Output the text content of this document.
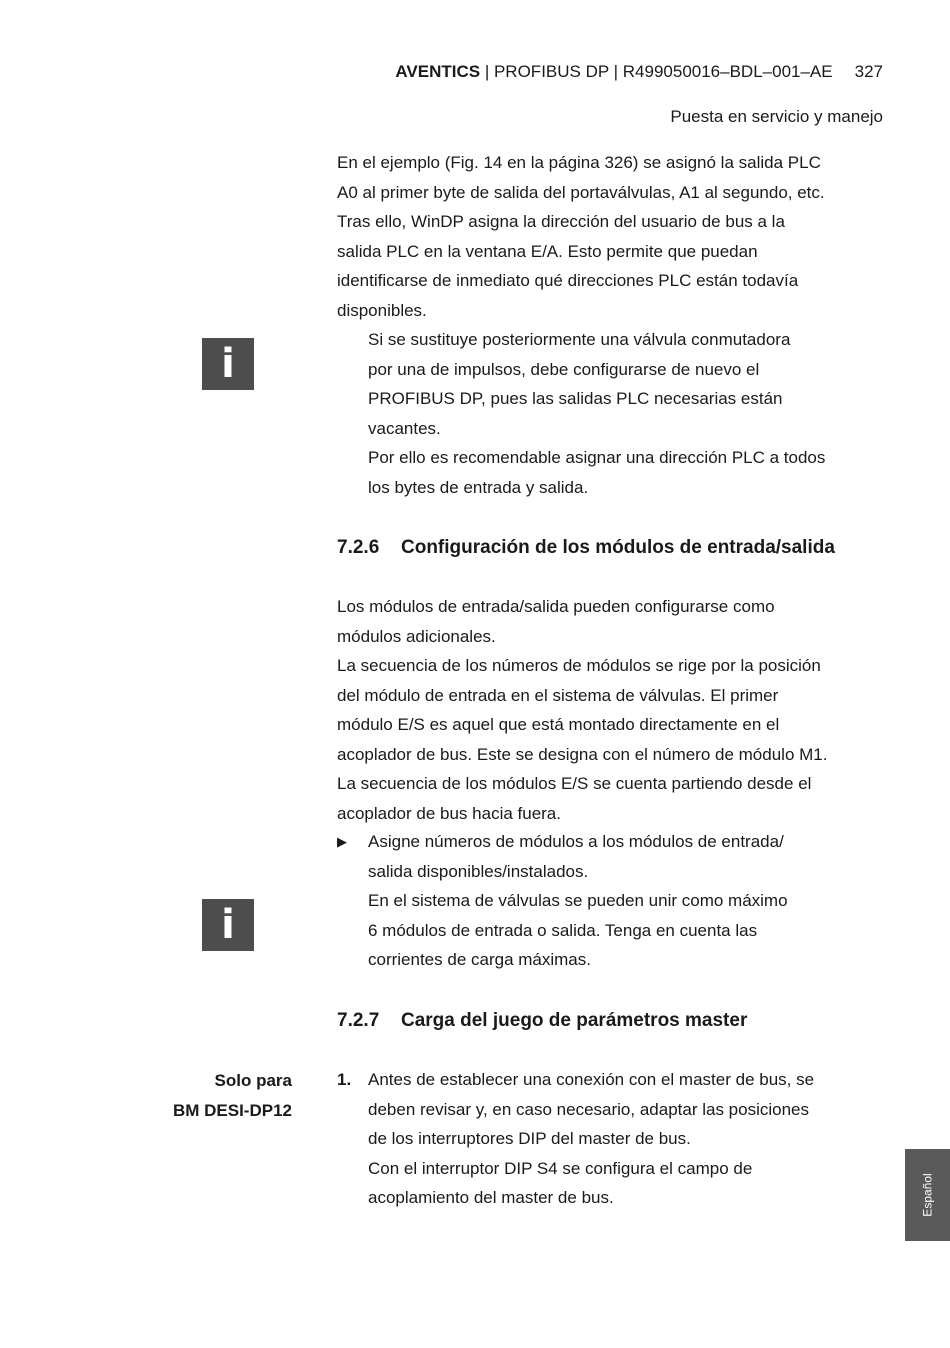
AVENTICS | PROFIBUS DP | R499050016–BDL–001–AE 327
Puesta en servicio y manejo

En el ejemplo (Fig. 14 en la página 326) se asignó la salida PLC

A0 al primer byte de salida del portaválvulas, A1 al segundo, etc.

Tras ello, WinDP asigna la dirección del usuario de bus a la

salida PLC en la ventana E/A. Esto permite que puedan

identificarse de inmediato qué direcciones PLC están todavía

disponibles.

i

Si se sustituye posteriormente una válvula conmutadora

por una de impulsos, debe configurarse de nuevo el

PROFIBUS DP, pues las salidas PLC necesarias están

vacantes.

Por ello es recomendable asignar una dirección PLC a todos

los bytes de entrada y salida.

7.2.6 Configuración de los módulos de entrada/salida

Los módulos de entrada/salida pueden configurarse como

módulos adicionales.

La secuencia de los números de módulos se rige por la posición

del módulo de entrada en el sistema de válvulas. El primer

módulo E/S es aquel que está montado directamente en el

acoplador de bus. Este se designa con el número de módulo M1.

La secuencia de los módulos E/S se cuenta partiendo desde el

acoplador de bus hacia fuera.

▶ Asigne números de módulos a los módulos de entrada/

salida disponibles/instalados.

i

En el sistema de válvulas se pueden unir como máximo

6 módulos de entrada o salida. Tenga en cuenta las

corrientes de carga máximas.

7.2.7 Carga del juego de parámetros master
Solo para
BM DESI-DP12
1. Antes de establecer una conexión con el master de bus, se

deben revisar y, en caso necesario, adaptar las posiciones

de los interruptores DIP del master de bus.

Con el interruptor DIP S4 se configura el campo de

acoplamiento del master de bus.	Español
